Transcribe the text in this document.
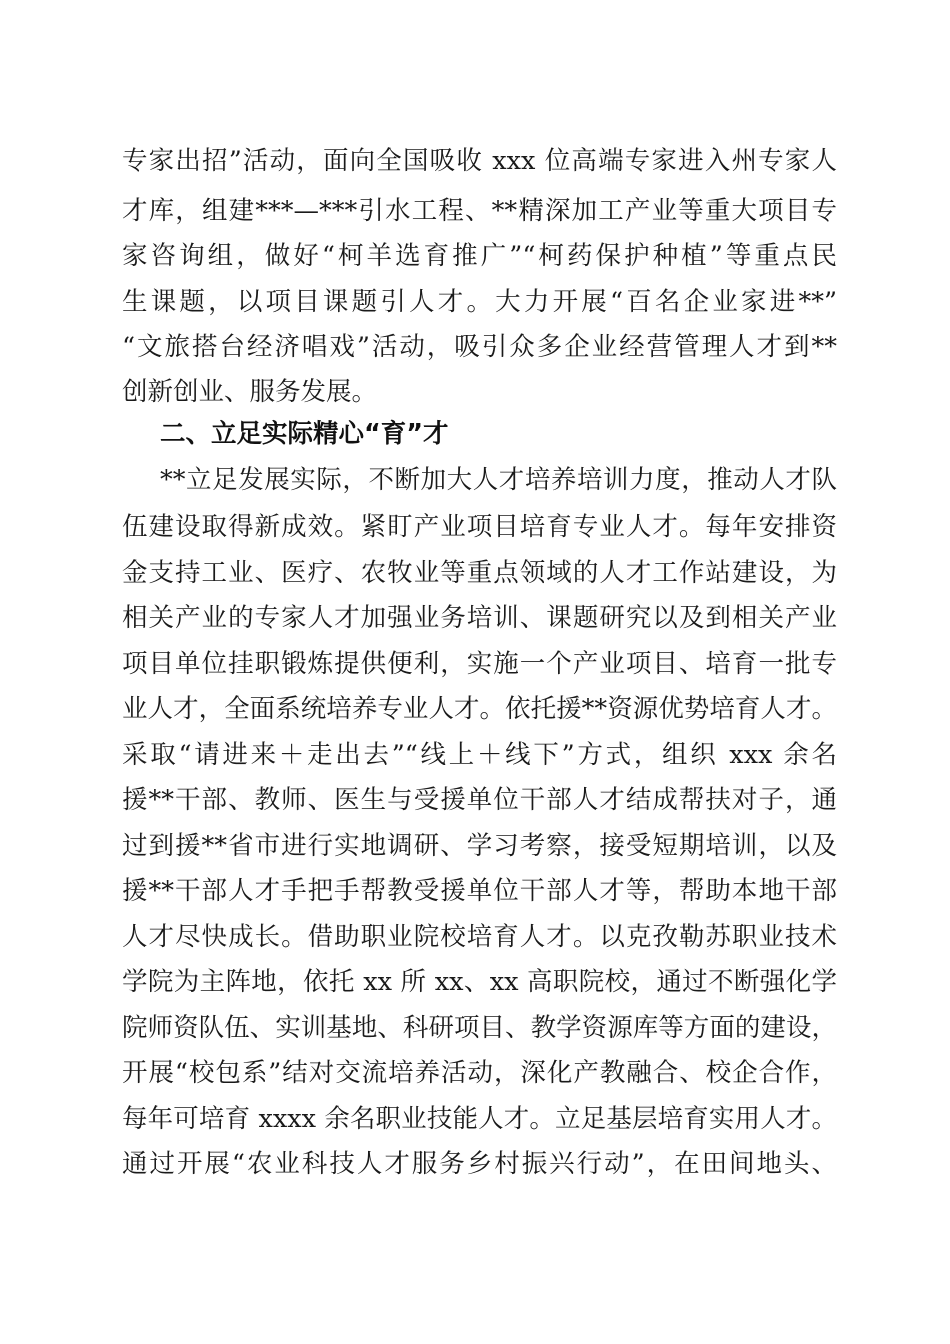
专家出招”活动，面向全国吸收 xxx 位高端专家进入州专家人
才库，组建***—***引水工程、**精深加工产业等重大项目专
家咨询组，做好“柯羊选育推广”“柯药保护种植”等重点民
生课题，以项目课题引人才。大力开展“百名企业家进**”
“文旅搭台经济唱戏”活动，吸引众多企业经营管理人才到**
创新创业、服务发展。
二、立足实际精心“育”才
**立足发展实际，不断加大人才培养培训力度，推动人才队
伍建设取得新成效。紧盯产业项目培育专业人才。每年安排资
金支持工业、医疗、农牧业等重点领域的人才工作站建设，为
相关产业的专家人才加强业务培训、课题研究以及到相关产业
项目单位挂职锻炼提供便利，实施一个产业项目、培育一批专
业人才，全面系统培养专业人才。依托援**资源优势培育人才。
采取“请进来＋走出去”“线上＋线下”方式，组织 xxx 余名
援**干部、教师、医生与受援单位干部人才结成帮扶对子，通
过到援**省市进行实地调研、学习考察，接受短期培训，以及
援**干部人才手把手帮教受援单位干部人才等，帮助本地干部
人才尽快成长。借助职业院校培育人才。以克孜勒苏职业技术
学院为主阵地，依托 xx 所 xx、xx 高职院校，通过不断强化学
院师资队伍、实训基地、科研项目、教学资源库等方面的建设，
开展“校包系”结对交流培养活动，深化产教融合、校企合作，
每年可培育 xxxx 余名职业技能人才。立足基层培育实用人才。
通过开展“农业科技人才服务乡村振兴行动”，在田间地头、
